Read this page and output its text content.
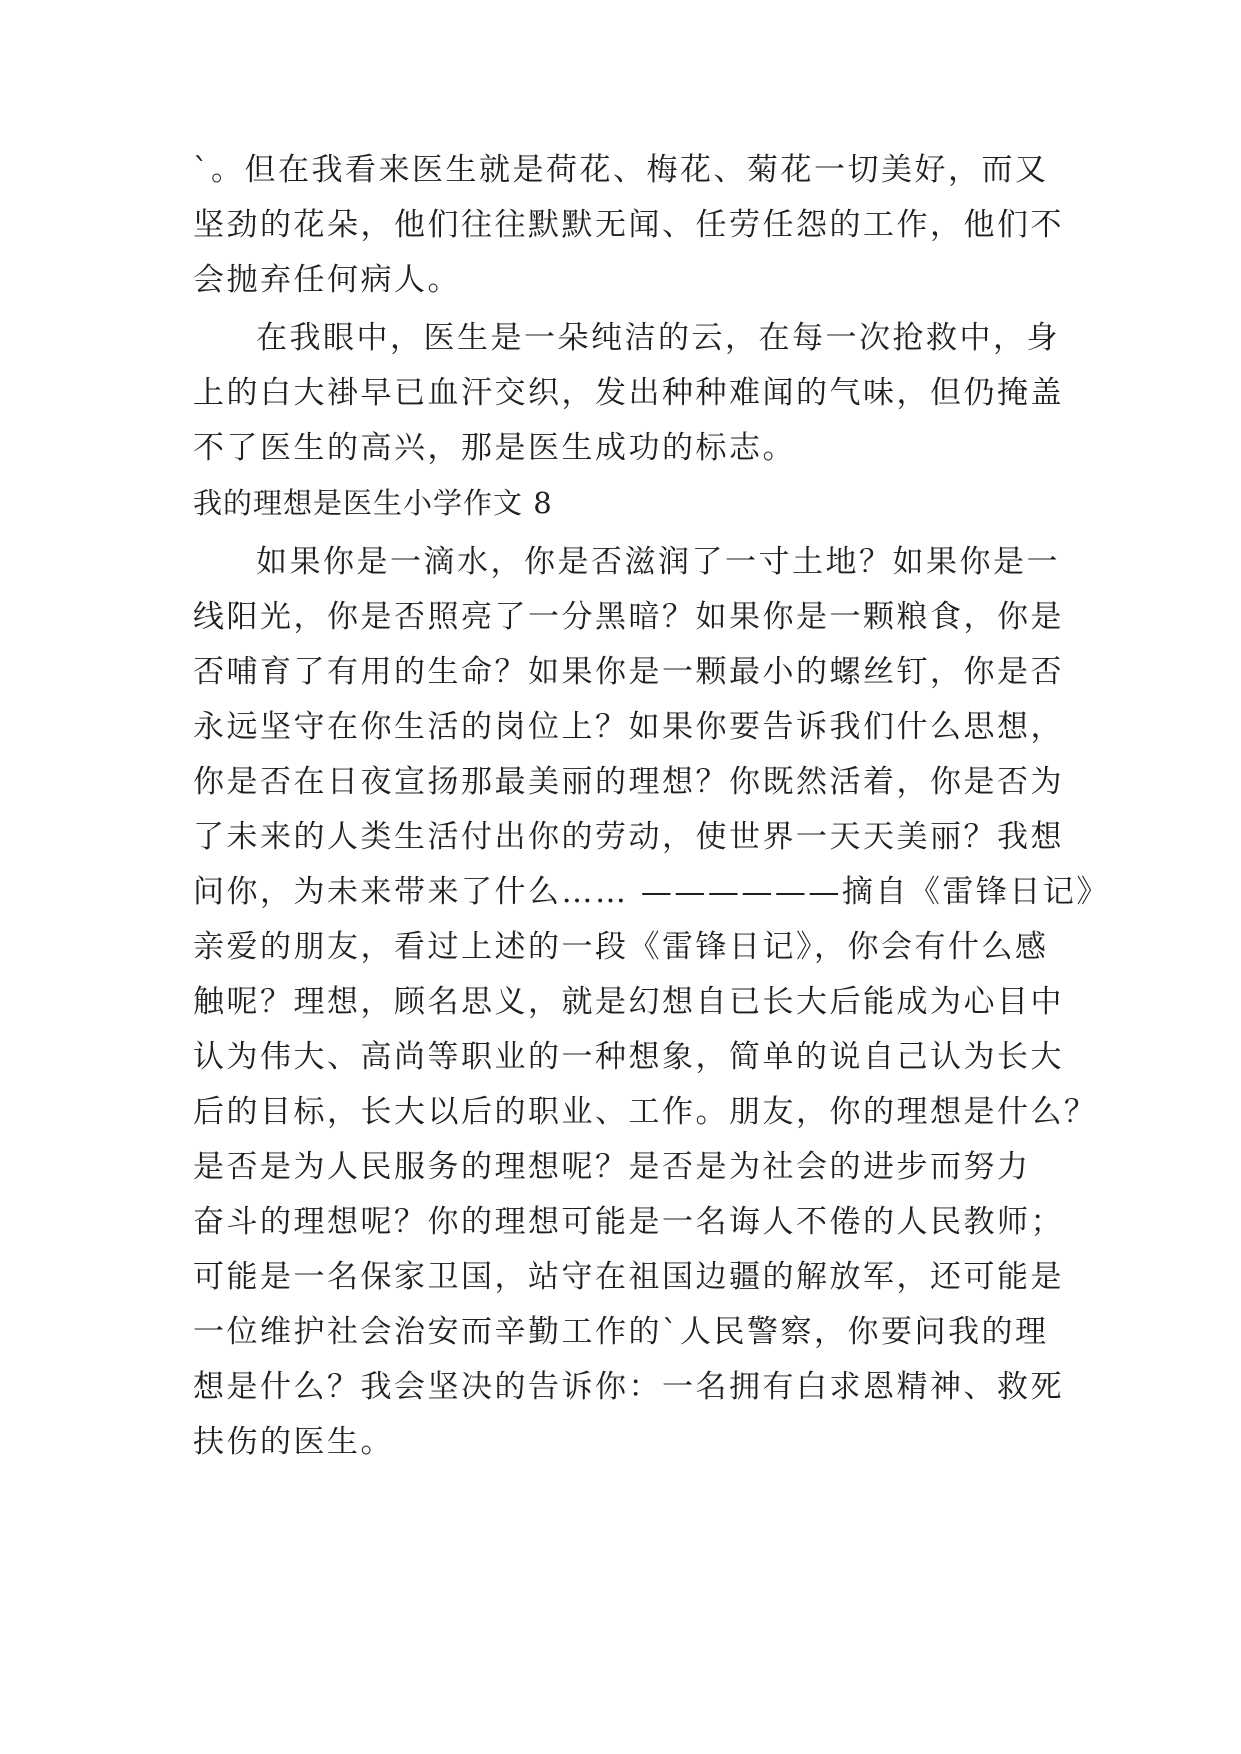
`。但在我看来医生就是荷花、梅花、菊花一切美好，而又
坚劲的花朵，他们往往默默无闻、任劳任怨的工作，他们不
会抛弃任何病人。
在我眼中，医生是一朵纯洁的云，在每一次抢救中，身
上的白大褂早已血汗交织，发出种种难闻的气味，但仍掩盖
不了医生的高兴，那是医生成功的标志。
我的理想是医生小学作文 8
如果你是一滴水，你是否滋润了一寸土地？如果你是一
线阳光，你是否照亮了一分黑暗？如果你是一颗粮食，你是
否哺育了有用的生命？如果你是一颗最小的螺丝钉，你是否
永远坚守在你生活的岗位上？如果你要告诉我们什么思想，
你是否在日夜宣扬那最美丽的理想？你既然活着，你是否为
了未来的人类生活付出你的劳动，使世界一天天美丽？我想
问你，为未来带来了什么…… ——————摘自《雷锋日记》
亲爱的朋友，看过上述的一段《雷锋日记》，你会有什么感
触呢？理想，顾名思义，就是幻想自已长大后能成为心目中
认为伟大、高尚等职业的一种想象，简单的说自己认为长大
后的目标，长大以后的职业、工作。朋友，你的理想是什么？
是否是为人民服务的理想呢？是否是为社会的进步而努力
奋斗的理想呢？你的理想可能是一名诲人不倦的人民教师；
可能是一名保家卫国，站守在祖国边疆的解放军，还可能是
一位维护社会治安而辛勤工作的`人民警察，你要问我的理
想是什么？我会坚决的告诉你：一名拥有白求恩精神、救死
扶伤的医生。
